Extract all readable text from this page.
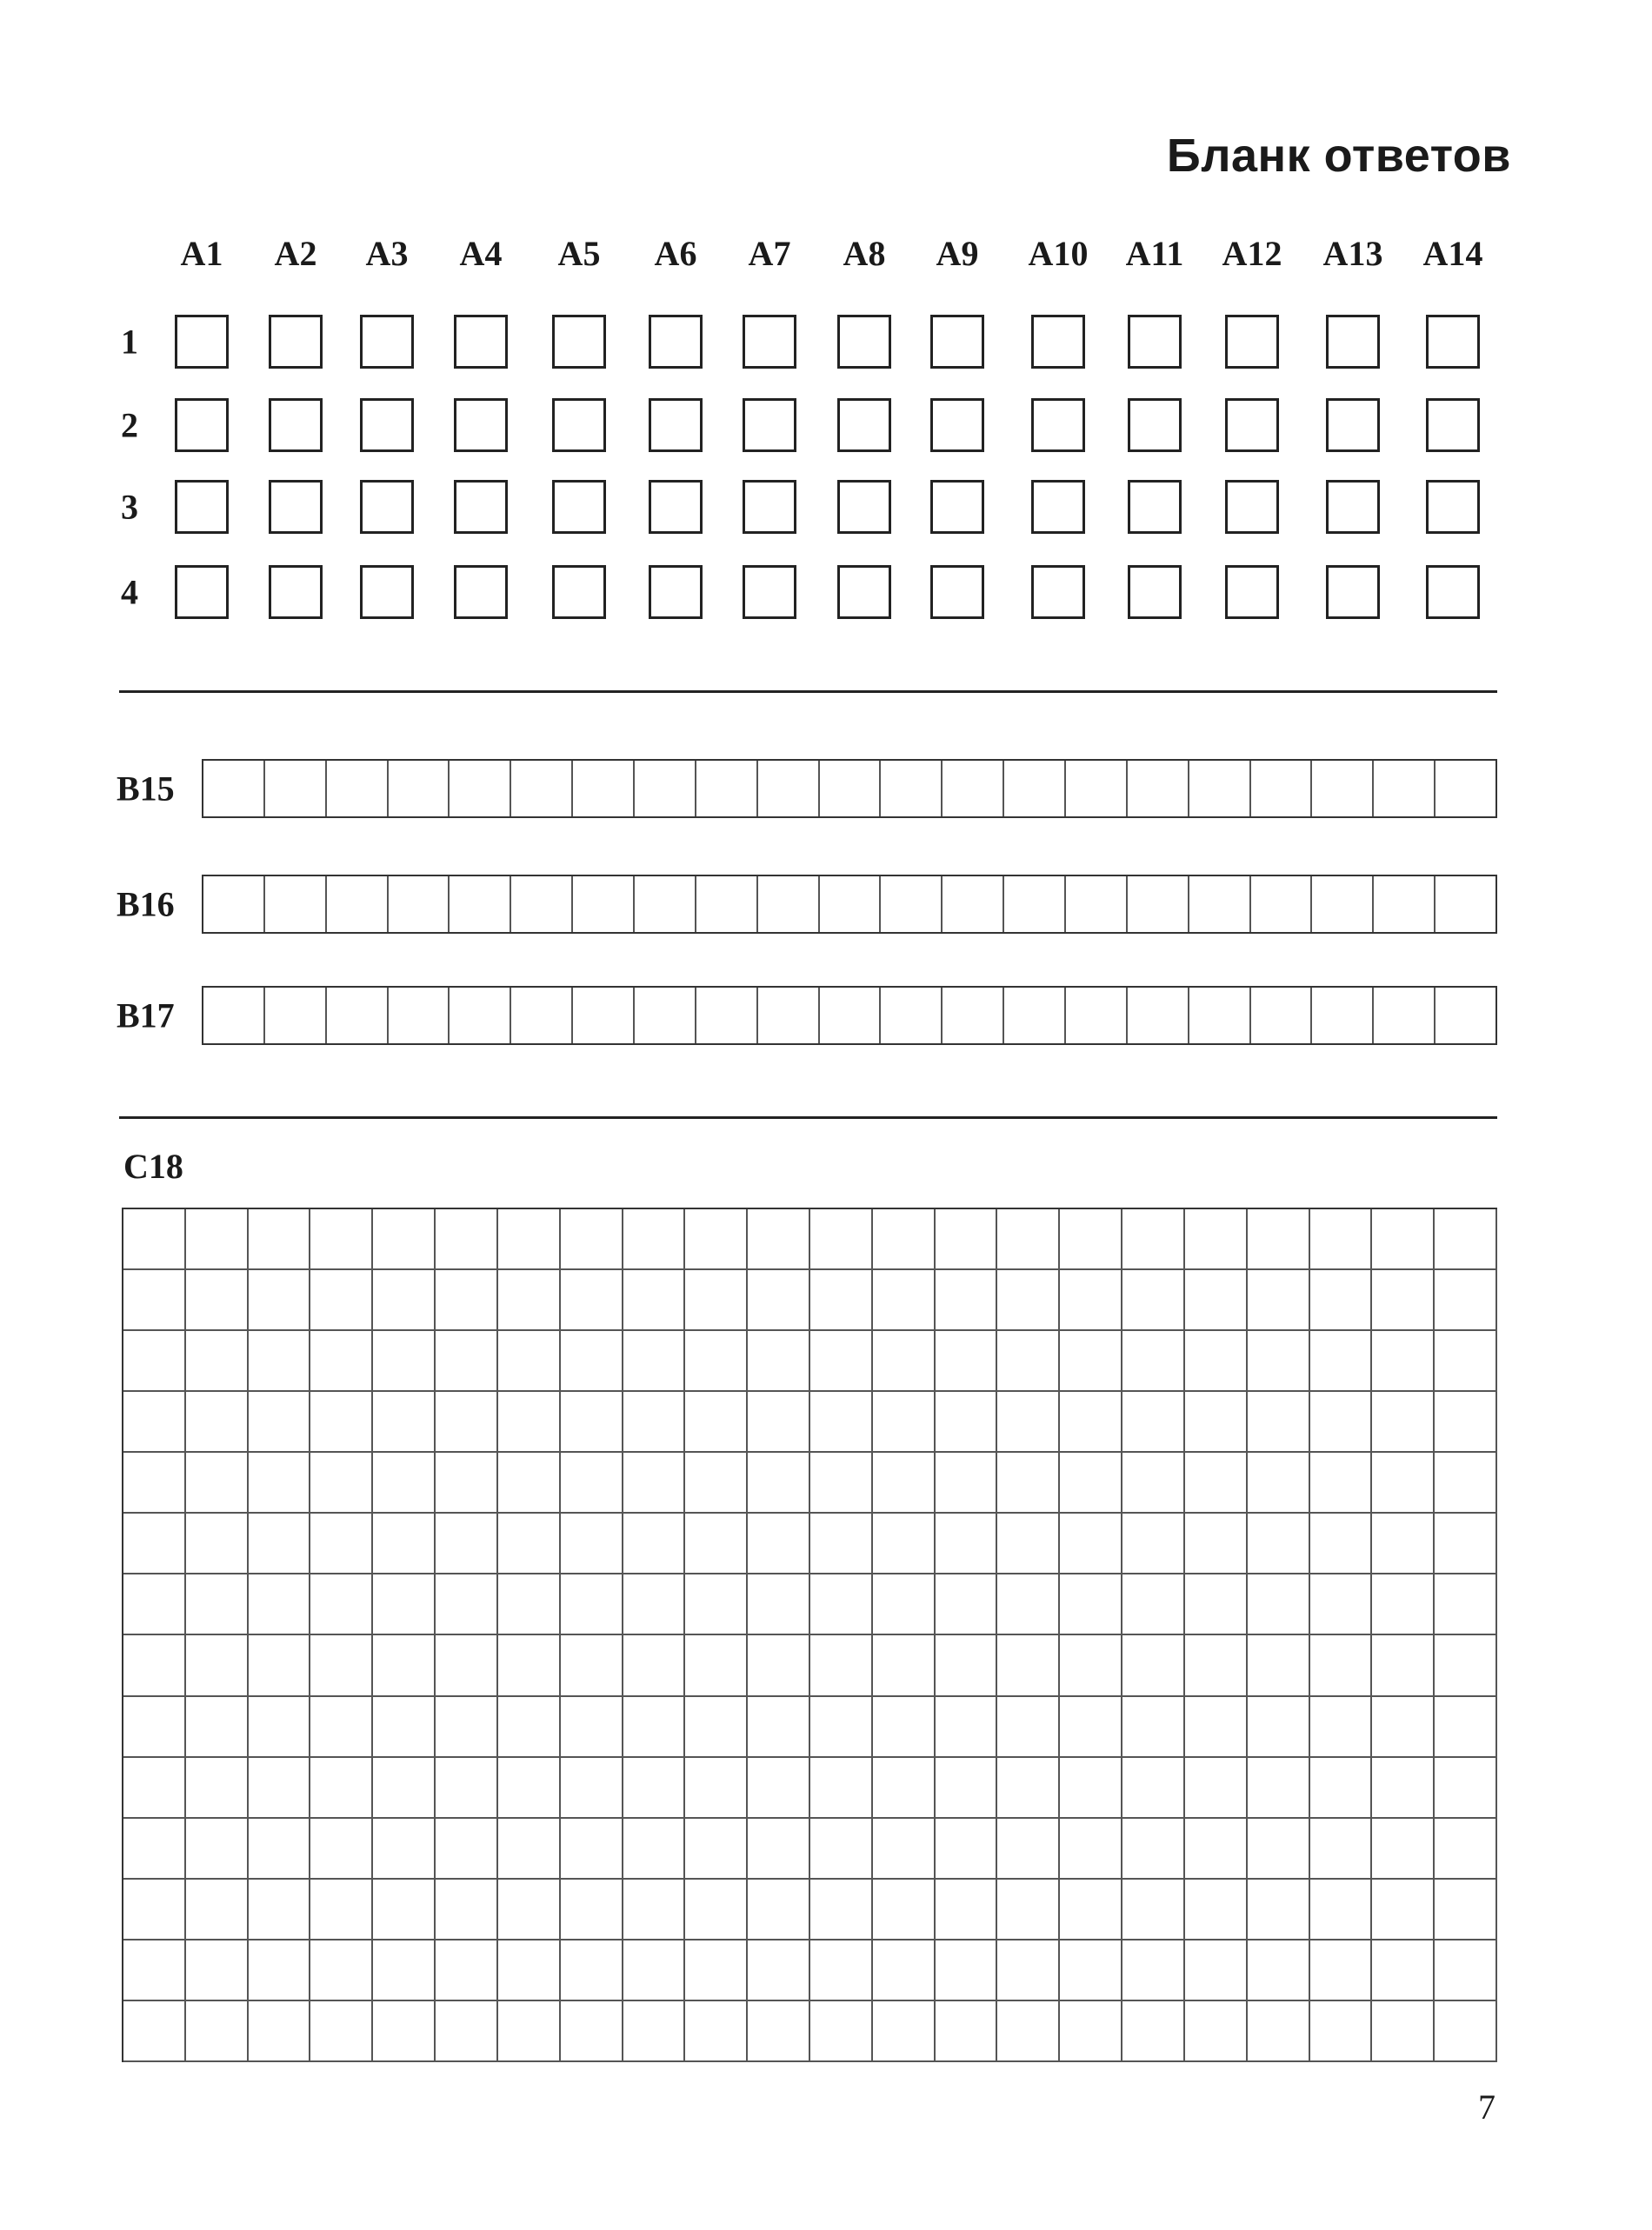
Бланк ответов
A1 A2 A3 A4 A5 A6 A7 A8 A9 A10 A11 A12 A13 A14
1
2
3
4
B15
B16
B17
C18
7
